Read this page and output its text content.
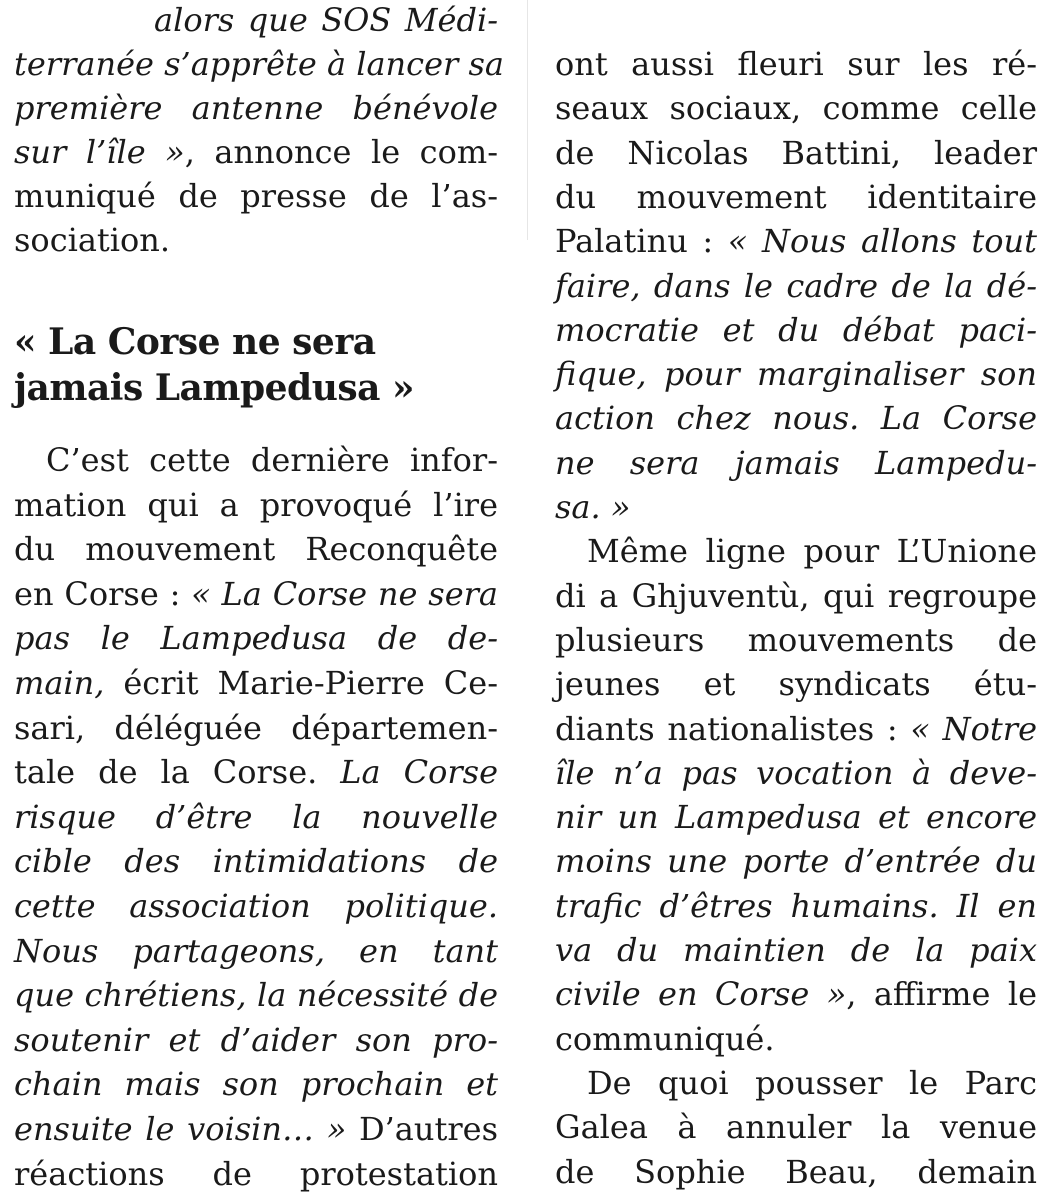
alors que SOS Médi-
terranée s’apprête à lancer sa
première antenne bénévole
sur l’île », annonce le com-
muniqué de presse de l’as-
sociation.
« La Corse ne sera
jamais Lampedusa »
C’est cette dernière infor-
mation qui a provoqué l’ire
du mouvement Reconquête
en Corse : « La Corse ne sera
pas le Lampedusa de de-
main, écrit Marie-Pierre Ce-
sari, déléguée départemen-
tale de la Corse. La Corse
risque d’être la nouvelle
cible des intimidations de
cette association politique.
Nous partageons, en tant
que chrétiens, la nécessité de
soutenir et d’aider son pro-
chain mais son prochain et
ensuite le voisin… » D’autres
réactions de protestation
ont aussi fleuri sur les ré-
seaux sociaux, comme celle
de Nicolas Battini, leader
du mouvement identitaire
Palatinu : « Nous allons tout
faire, dans le cadre de la dé-
mocratie et du débat paci-
fique, pour marginaliser son
action chez nous. La Corse
ne sera jamais Lampedu-
sa. »
Même ligne pour L’Unione
di a Ghjuventù, qui regroupe
plusieurs mouvements de
jeunes et syndicats étu-
diants nationalistes : « Notre
île n’a pas vocation à deve-
nir un Lampedusa et encore
moins une porte d’entrée du
trafic d’êtres humains. Il en
va du maintien de la paix
civile en Corse », affirme le
communiqué.
De quoi pousser le Parc
Galea à annuler la venue
de Sophie Beau, demain
